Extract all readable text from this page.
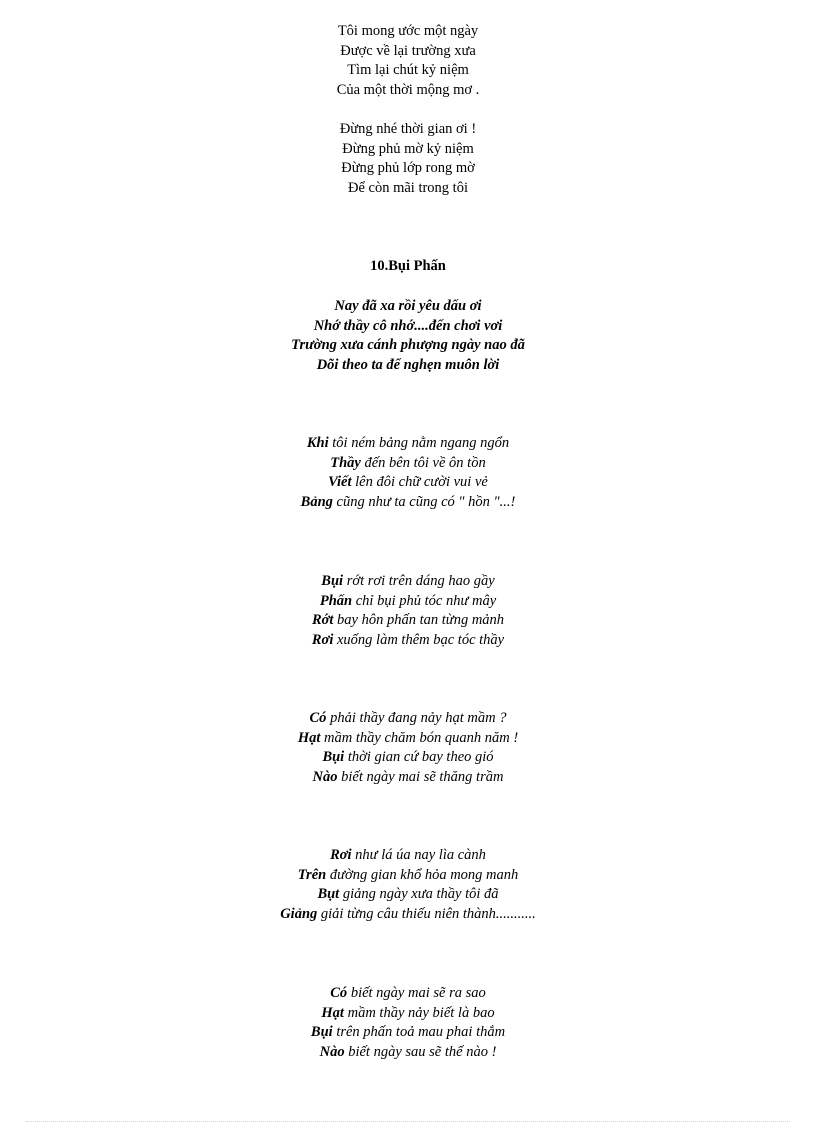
Tôi mong ước một ngày
Được về lại trường xưa
Tìm lại chút kỷ niệm
Của một thời mộng mơ .
Đừng nhé thời gian ơi !
Đừng phủ mờ kỷ niệm
Đừng phủ lớp rong mờ
Để còn mãi trong tôi
10.Bụi Phấn
Nay đã xa rồi yêu dấu ơi
Nhớ thầy cô nhớ....đến chơi vơi
Trường xưa cánh phượng ngày nao đã
Dõi theo ta để nghẹn muôn lời
Khi tôi ném bảng nằm ngang ngổn
Thầy đến bên tôi về ôn tồn
Viết lên đôi chữ cười vui vẻ
Bảng cũng như ta cũng có " hồn "...!
Bụi rớt rơi trên dáng hao gầy
Phấn chỉ bụi phủ tóc như mây
Rớt bay hôn phấn tan từng mảnh
Rơi xuống làm thêm bạc tóc thầy
Có phải thầy đang nảy hạt mầm ?
Hạt mầm thầy chăm bón quanh năm !
Bụi thời gian cứ bay theo gió
Nào biết ngày mai sẽ thăng trầm
Rơi như lá úa nay lìa cành
Trên đường gian khổ hỏa mong manh
Bụt giảng ngày xưa thầy tôi đã
Giảng giải từng câu thiếu niên thành...........
Có biết ngày mai sẽ ra sao
Hạt mầm thầy nảy biết là bao
Bụi trên phấn toả mau phai thắm
Nào biết ngày sau sẽ thế nào !
